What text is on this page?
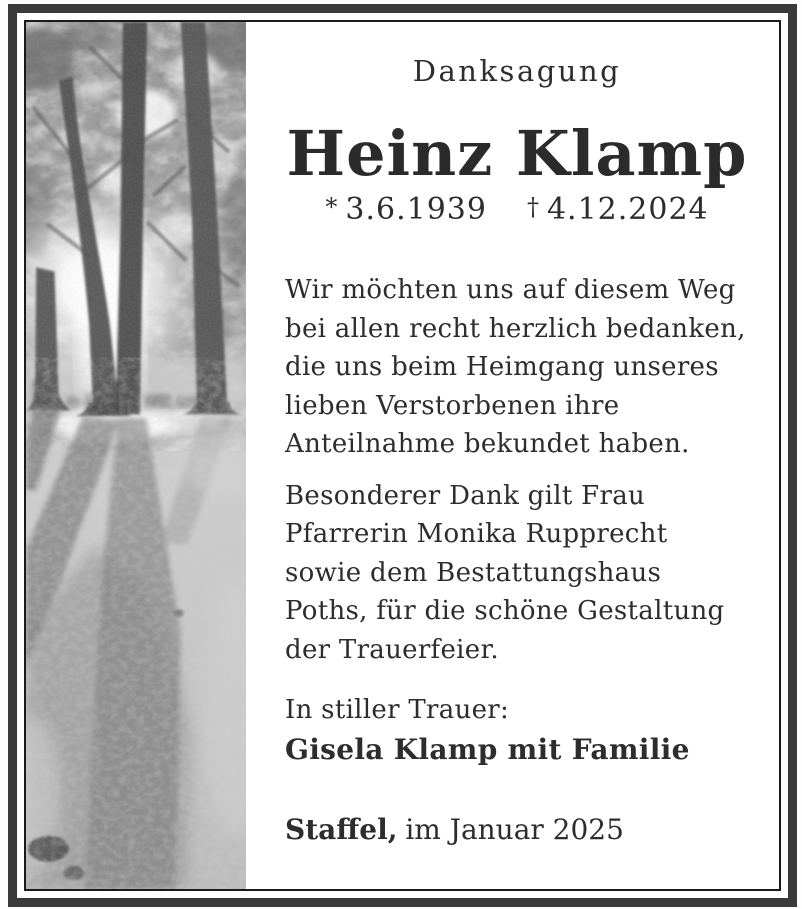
Danksagung
Heinz Klamp
* 3.6.1939 † 4.12.2024
Wir möchten uns auf diesem Weg
bei allen recht herzlich bedanken,
die uns beim Heimgang unseres
lieben Verstorbenen ihre
Anteilnahme bekundet haben.
Besonderer Dank gilt Frau
Pfarrerin Monika Rupprecht
sowie dem Bestattungshaus
Poths, für die schöne Gestaltung
der Trauerfeier.
In stiller Trauer:
Gisela Klamp mit Familie
Staffel, im Januar 2025
